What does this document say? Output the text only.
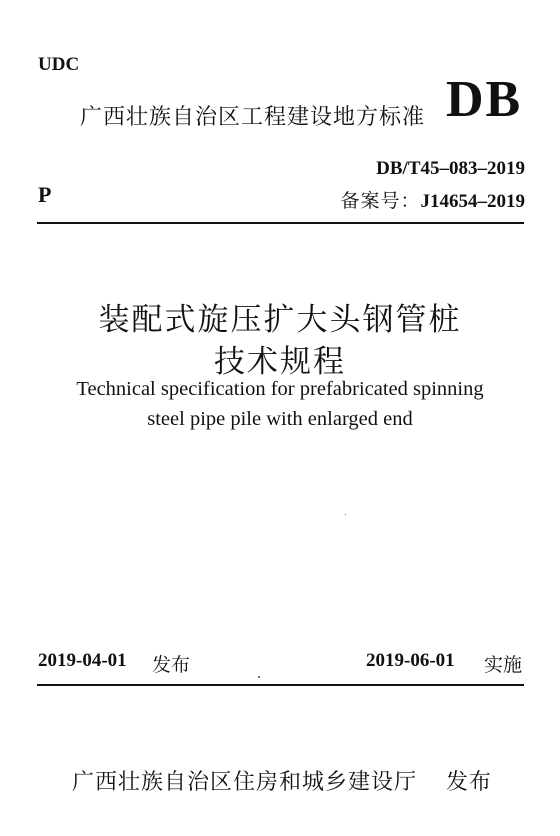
UDC
广西壮族自治区工程建设地方标准 DB
DB/T45–083–2019
P	备案号：J14654–2019
装配式旋压扩大头钢管桩
技术规程
Technical specification for prefabricated spinning
steel pipe pile with enlarged end
2019-04-01 发布	2019-06-01 实施
广西壮族自治区住房和城乡建设厅 发布
